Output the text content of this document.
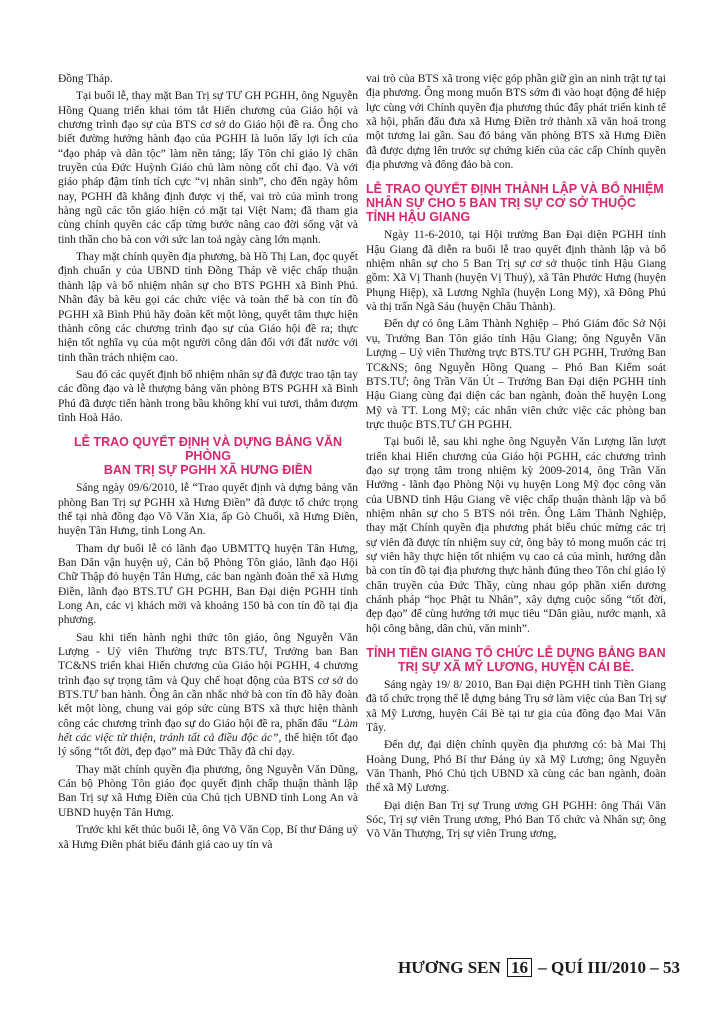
Đồng Tháp.

Tại buổi lễ, thay mặt Ban Trị sự TƯ GH PGHH, ông Nguyễn Hồng Quang triển khai tóm tắt Hiến chương của Giáo hội và chương trình đạo sự của BTS cơ sở do Giáo hội đề ra. Ông cho biết đường hướng hành đạo của PGHH là luôn lấy lợi ích của “đạo pháp và dân tộc” làm nền tảng; lấy Tôn chỉ giáo lý chân truyền của Đức Huỳnh Giáo chủ làm nòng cốt chỉ đạo. Và với giáo pháp đậm tính tích cực “vị nhân sinh”, cho đến ngày hôm nay, PGHH đã khẳng định được vị thế, vai trò của mình trong hàng ngũ các tôn giáo hiện có mặt tại Việt Nam; đã tham gia cùng chính quyền các cấp từng bước nâng cao đời sống vật và tinh thần cho bà con với sức lan toả ngày càng lớn mạnh.

Thay mặt chính quyền địa phương, bà Hồ Thị Lan, đọc quyết định chuẩn y của UBND tỉnh Đồng Tháp về việc chấp thuận thành lập và bổ nhiệm nhân sự cho BTS PGHH xã Bình Phú. Nhân đây bà kêu gọi các chức việc và toàn thể bà con tín đồ PGHH xã Bình Phú hãy đoàn kết một lòng, quyết tâm thực hiện thành công các chương trình đạo sự của Giáo hội đề ra; thực hiện tốt nghĩa vụ của một người công dân đối với đất nước với tinh thần trách nhiệm cao.

Sau đó các quyết định bổ nhiệm nhân sự đã được trao tận tay các đồng đạo và lễ thượng bảng văn phòng BTS PGHH xã Bình Phú đã được tiến hành trong bầu không khí vui tươi, thắm đượm tình Hoà Hảo.

LỄ TRAO QUYẾT ĐỊNH VÀ DỰNG BẢNG VĂN PHÒNG
BAN TRỊ SỰ PGHH XÃ HƯNG ĐIỀN

Sáng ngày 09/6/2010, lễ “Trao quyết định và dựng bảng văn phòng Ban Trị sự PGHH xã Hưng Điền” đã được tổ chức trọng thể tại nhà đồng đạo Võ Văn Xia, ấp Gò Chuối, xã Hưng Điền, huyện Tân Hưng, tỉnh Long An.

Tham dự buổi lễ có lãnh đạo UBMTTQ huyện Tân Hưng, Ban Dân vận huyện uỷ, Cán bộ Phòng Tôn giáo, lãnh đạo Hội Chữ Thập đỏ huyện Tân Hưng, các ban ngành đoàn thể xã Hưng Điền, lãnh đạo BTS.TƯ GH PGHH, Ban Đại diện PGHH tỉnh Long An, các vị khách mời và khoảng 150 bà con tín đồ tại địa phương.

Sau khi tiến hành nghi thức tôn giáo, ông Nguyễn Văn Lượng - Uỷ viên Thường trực BTS.TƯ, Trưởng ban Ban TC&NS triển khai Hiến chương của Giáo hội PGHH, 4 chương trình đạo sự trọng tâm và Quy chế hoạt động của BTS cơ sở do BTS.TƯ ban hành. Ông ân cần nhắc nhở bà con tín đồ hãy đoàn kết một lòng, chung vai góp sức cùng BTS xã thực hiện thành công các chương trình đạo sự do Giáo hội đề ra, phấn đấu “Làm hết các việc từ thiện, tránh tất cả điều độc ác”, thể hiện tốt đạo lý sống “tốt đời, đẹp đạo” mà Đức Thầy đã chỉ dạy.

Thay mặt chính quyền địa phương, ông Nguyễn Văn Dũng, Cán bộ Phòng Tôn giáo đọc quyết định chấp thuận thành lập Ban Trị sự xã Hưng Điền của Chủ tịch UBND tỉnh Long An và UBND huyện Tân Hưng.

Trước khi kết thúc buổi lễ, ông Võ Văn Cọp, Bí thư Đảng uỷ xã Hưng Điền phát biểu đánh giá cao uy tín và

vai trò của BTS xã trong việc góp phần giữ gìn an ninh trật tự tại địa phương. Ông mong muốn BTS sớm đi vào hoạt động để hiệp lực cùng với Chính quyền địa phương thúc đẩy phát triển kinh tế xã hội, phấn đấu đưa xã Hưng Điền trở thành xã văn hoá trong một tương lai gần. Sau đó bảng văn phòng BTS xã Hưng Điền đã được dựng lên trước sự chứng kiến của các cấp Chính quyền địa phương và đông đảo bà con.

LỄ TRAO QUYẾT ĐỊNH THÀNH LẬP VÀ BỔ NHIỆM NHÂN SỰ CHO 5 BAN TRỊ SỰ CƠ SỞ THUỘC TỈNH HẬU GIANG

Ngày 11-6-2010, tại Hội trường Ban Đại diện PGHH tỉnh Hậu Giang đã diễn ra buổi lễ trao quyết định thành lập và bổ nhiệm nhân sự cho 5 Ban Trị sự cơ sở thuộc tỉnh Hậu Giang gồm: Xã Vị Thanh (huyện Vị Thuỷ), xã Tân Phước Hưng (huyện Phụng Hiệp), xã Lương Nghĩa (huyện Long Mỹ), xã Đông Phú và thị trấn Ngã Sáu (huyện Châu Thành).

Đến dự có ông Lâm Thành Nghiệp – Phó Giám đốc Sở Nội vụ, Trưởng Ban Tôn giáo tỉnh Hậu Giang; ông Nguyễn Văn Lượng – Uỷ viên Thường trực BTS.TƯ GH PGHH, Trưởng Ban TC&NS; ông Nguyễn Hồng Quang – Phó Ban Kiểm soát BTS.TƯ; ông Trần Văn Út – Trưởng Ban Đại diện PGHH tỉnh Hậu Giang cùng đại diện các ban ngành, đoàn thể huyện Long Mỹ và TT. Long Mỹ; các nhân viên chức việc các phòng ban trực thuộc BTS.TƯ GH PGHH.

Tại buổi lễ, sau khi nghe ông Nguyễn Văn Lượng lần lượt triển khai Hiến chương của Giáo hội PGHH, các chương trình đạo sự trọng tâm trong nhiệm kỳ 2009-2014, ông Trần Văn Hưởng - lãnh đạo Phòng Nội vụ huyện Long Mỹ đọc công văn của UBND tỉnh Hậu Giang về việc chấp thuận thành lập và bổ nhiệm nhân sự cho 5 BTS nói trên. Ông Lâm Thành Nghiệp, thay mặt Chính quyền địa phương phát biểu chúc mừng các trị sự viên đã được tín nhiệm suy cử, ông bày tỏ mong muốn các trị sự viên hãy thực hiện tốt nhiệm vụ cao cả của mình, hướng dẫn bà con tín đồ tại địa phương thực hành đúng theo Tôn chỉ giáo lý chân truyền của Đức Thầy, cùng nhau góp phần xiển dương chánh pháp “học Phật tu Nhân”, xây dựng cuộc sống “tốt đời, đẹp đạo” để cùng hướng tới mục tiêu “Dân giàu, nước mạnh, xã hội công bằng, dân chủ, văn minh”.

TỈNH TIỀN GIANG TỔ CHỨC LỄ DỰNG BẢNG BAN TRỊ SỰ XÃ MỸ LƯƠNG, HUYỆN CÁI BÈ.

Sáng ngày 19/ 8/ 2010, Ban Đại diện PGHH tỉnh Tiền Giang đã tổ chức trọng thể lễ dựng bảng Trụ sở làm việc của Ban Trị sự xã Mỹ Lương, huyện Cái Bè tại tư gia của đồng đạo Mai Văn Tây.

Đến dự, đại diện chính quyền địa phương có: bà Mai Thị Hoàng Dung, Phó Bí thư Đảng ủy xã Mỹ Lương; ông Nguyễn Văn Thanh, Phó Chủ tịch UBND xã cùng các ban ngành, đoàn thể xã Mỹ Lương.

Đại diện Ban Trị sự Trung ương GH PGHH: ông Thái Văn Sóc, Trị sự viên Trung ương, Phó Ban Tổ chức và Nhân sự; ông Võ Văn Thượng, Trị sự viên Trung ương,

HƯƠNG SEN 16 – QUÍ III/2010 – 53
